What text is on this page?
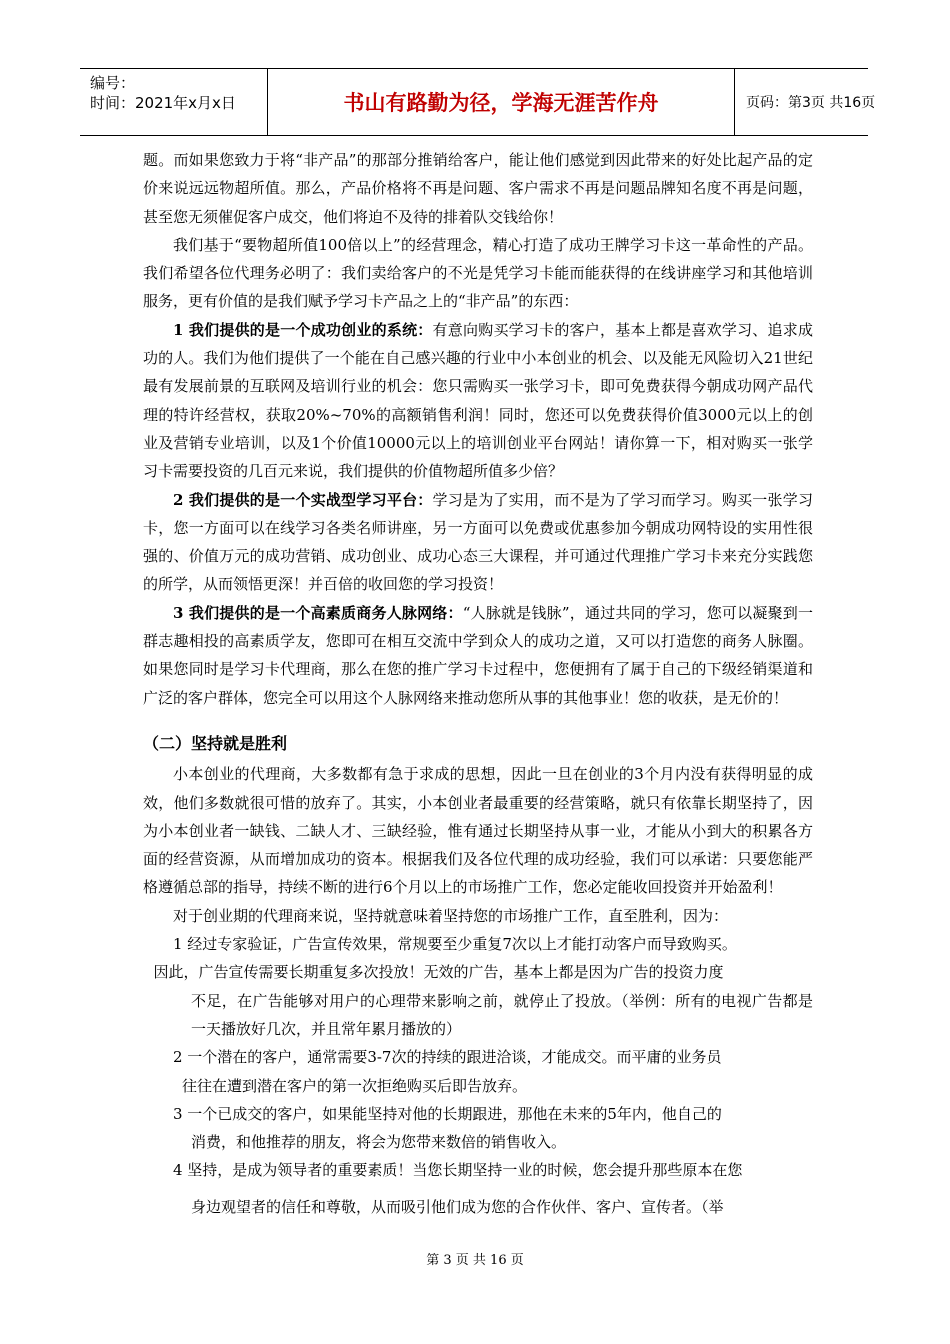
编号：
时间：2021年x月x日	书山有路勤为径，学海无涯苦作舟	页码：第3页 共16页

题。而如果您致力于将“非产品”的那部分推销给客户，能让他们感觉到因此带来的好处比起产品的定价来说远远物超所值。那么，产品价格将不再是问题、客户需求不再是问题品牌知名度不再是问题，甚至您无须催促客户成交，他们将迫不及待的排着队交钱给你！

我们基于“要物超所值100倍以上”的经营理念，精心打造了成功王牌学习卡这一革命性的产品。我们希望各位代理务必明了：我们卖给客户的不光是凭学习卡能而能获得的在线讲座学习和其他培训服务，更有价值的是我们赋予学习卡产品之上的“非产品”的东西：

1 我们提供的是一个成功创业的系统：有意向购买学习卡的客户，基本上都是喜欢学习、追求成功的人。我们为他们提供了一个能在自己感兴趣的行业中小本创业的机会、以及能无风险切入21世纪最有发展前景的互联网及培训行业的机会：您只需购买一张学习卡，即可免费获得今朝成功网产品代理的特许经营权，获取20%~70%的高额销售利润！同时，您还可以免费获得价值3000元以上的创业及营销专业培训，以及1个价值10000元以上的培训创业平台网站！请你算一下，相对购买一张学习卡需要投资的几百元来说，我们提供的价值物超所值多少倍？

2 我们提供的是一个实战型学习平台：学习是为了实用，而不是为了学习而学习。购买一张学习卡，您一方面可以在线学习各类名师讲座，另一方面可以免费或优惠参加今朝成功网特设的实用性很强的、价值万元的成功营销、成功创业、成功心态三大课程，并可通过代理推广学习卡来充分实践您的所学，从而领悟更深！并百倍的收回您的学习投资！

3 我们提供的是一个高素质商务人脉网络：“人脉就是钱脉”，通过共同的学习，您可以凝聚到一群志趣相投的高素质学友，您即可在相互交流中学到众人的成功之道，又可以打造您的商务人脉圈。如果您同时是学习卡代理商，那么在您的推广学习卡过程中，您便拥有了属于自己的下级经销渠道和广泛的客户群体，您完全可以用这个人脉网络来推动您所从事的其他事业！您的收获，是无价的！

（二）坚持就是胜利

小本创业的代理商，大多数都有急于求成的思想，因此一旦在创业的3个月内没有获得明显的成效，他们多数就很可惜的放弃了。其实，小本创业者最重要的经营策略，就只有依靠长期坚持了，因为小本创业者一缺钱、二缺人才、三缺经验，惟有通过长期坚持从事一业，才能从小到大的积累各方面的经营资源，从而增加成功的资本。根据我们及各位代理的成功经验，我们可以承诺：只要您能严格遵循总部的指导，持续不断的进行6个月以上的市场推广工作，您必定能收回投资并开始盈利！

对于创业期的代理商来说，坚持就意味着坚持您的市场推广工作，直至胜利，因为：

1 经过专家验证，广告宣传效果，常规要至少重复7次以上才能打动客户而导致购买。
因此，广告宣传需要长期重复多次投放！无效的广告，基本上都是因为广告的投资力度
不足，在广告能够对用户的心理带来影响之前，就停止了投放。（举例：所有的电视广告都是一天播放好几次，并且常年累月播放的）

2 一个潜在的客户，通常需要3-7次的持续的跟进洽谈，才能成交。而平庸的业务员
往往在遭到潜在客户的第一次拒绝购买后即告放弃。

3 一个已成交的客户，如果能坚持对他的长期跟进，那他在未来的5年内，他自己的
消费，和他推荐的朋友，将会为您带来数倍的销售收入。

4 坚持，是成为领导者的重要素质！当您长期坚持一业的时候，您会提升那些原本在您
身边观望者的信任和尊敬，从而吸引他们成为您的合作伙伴、客户、宣传者。（举

第 3 页 共 16 页
